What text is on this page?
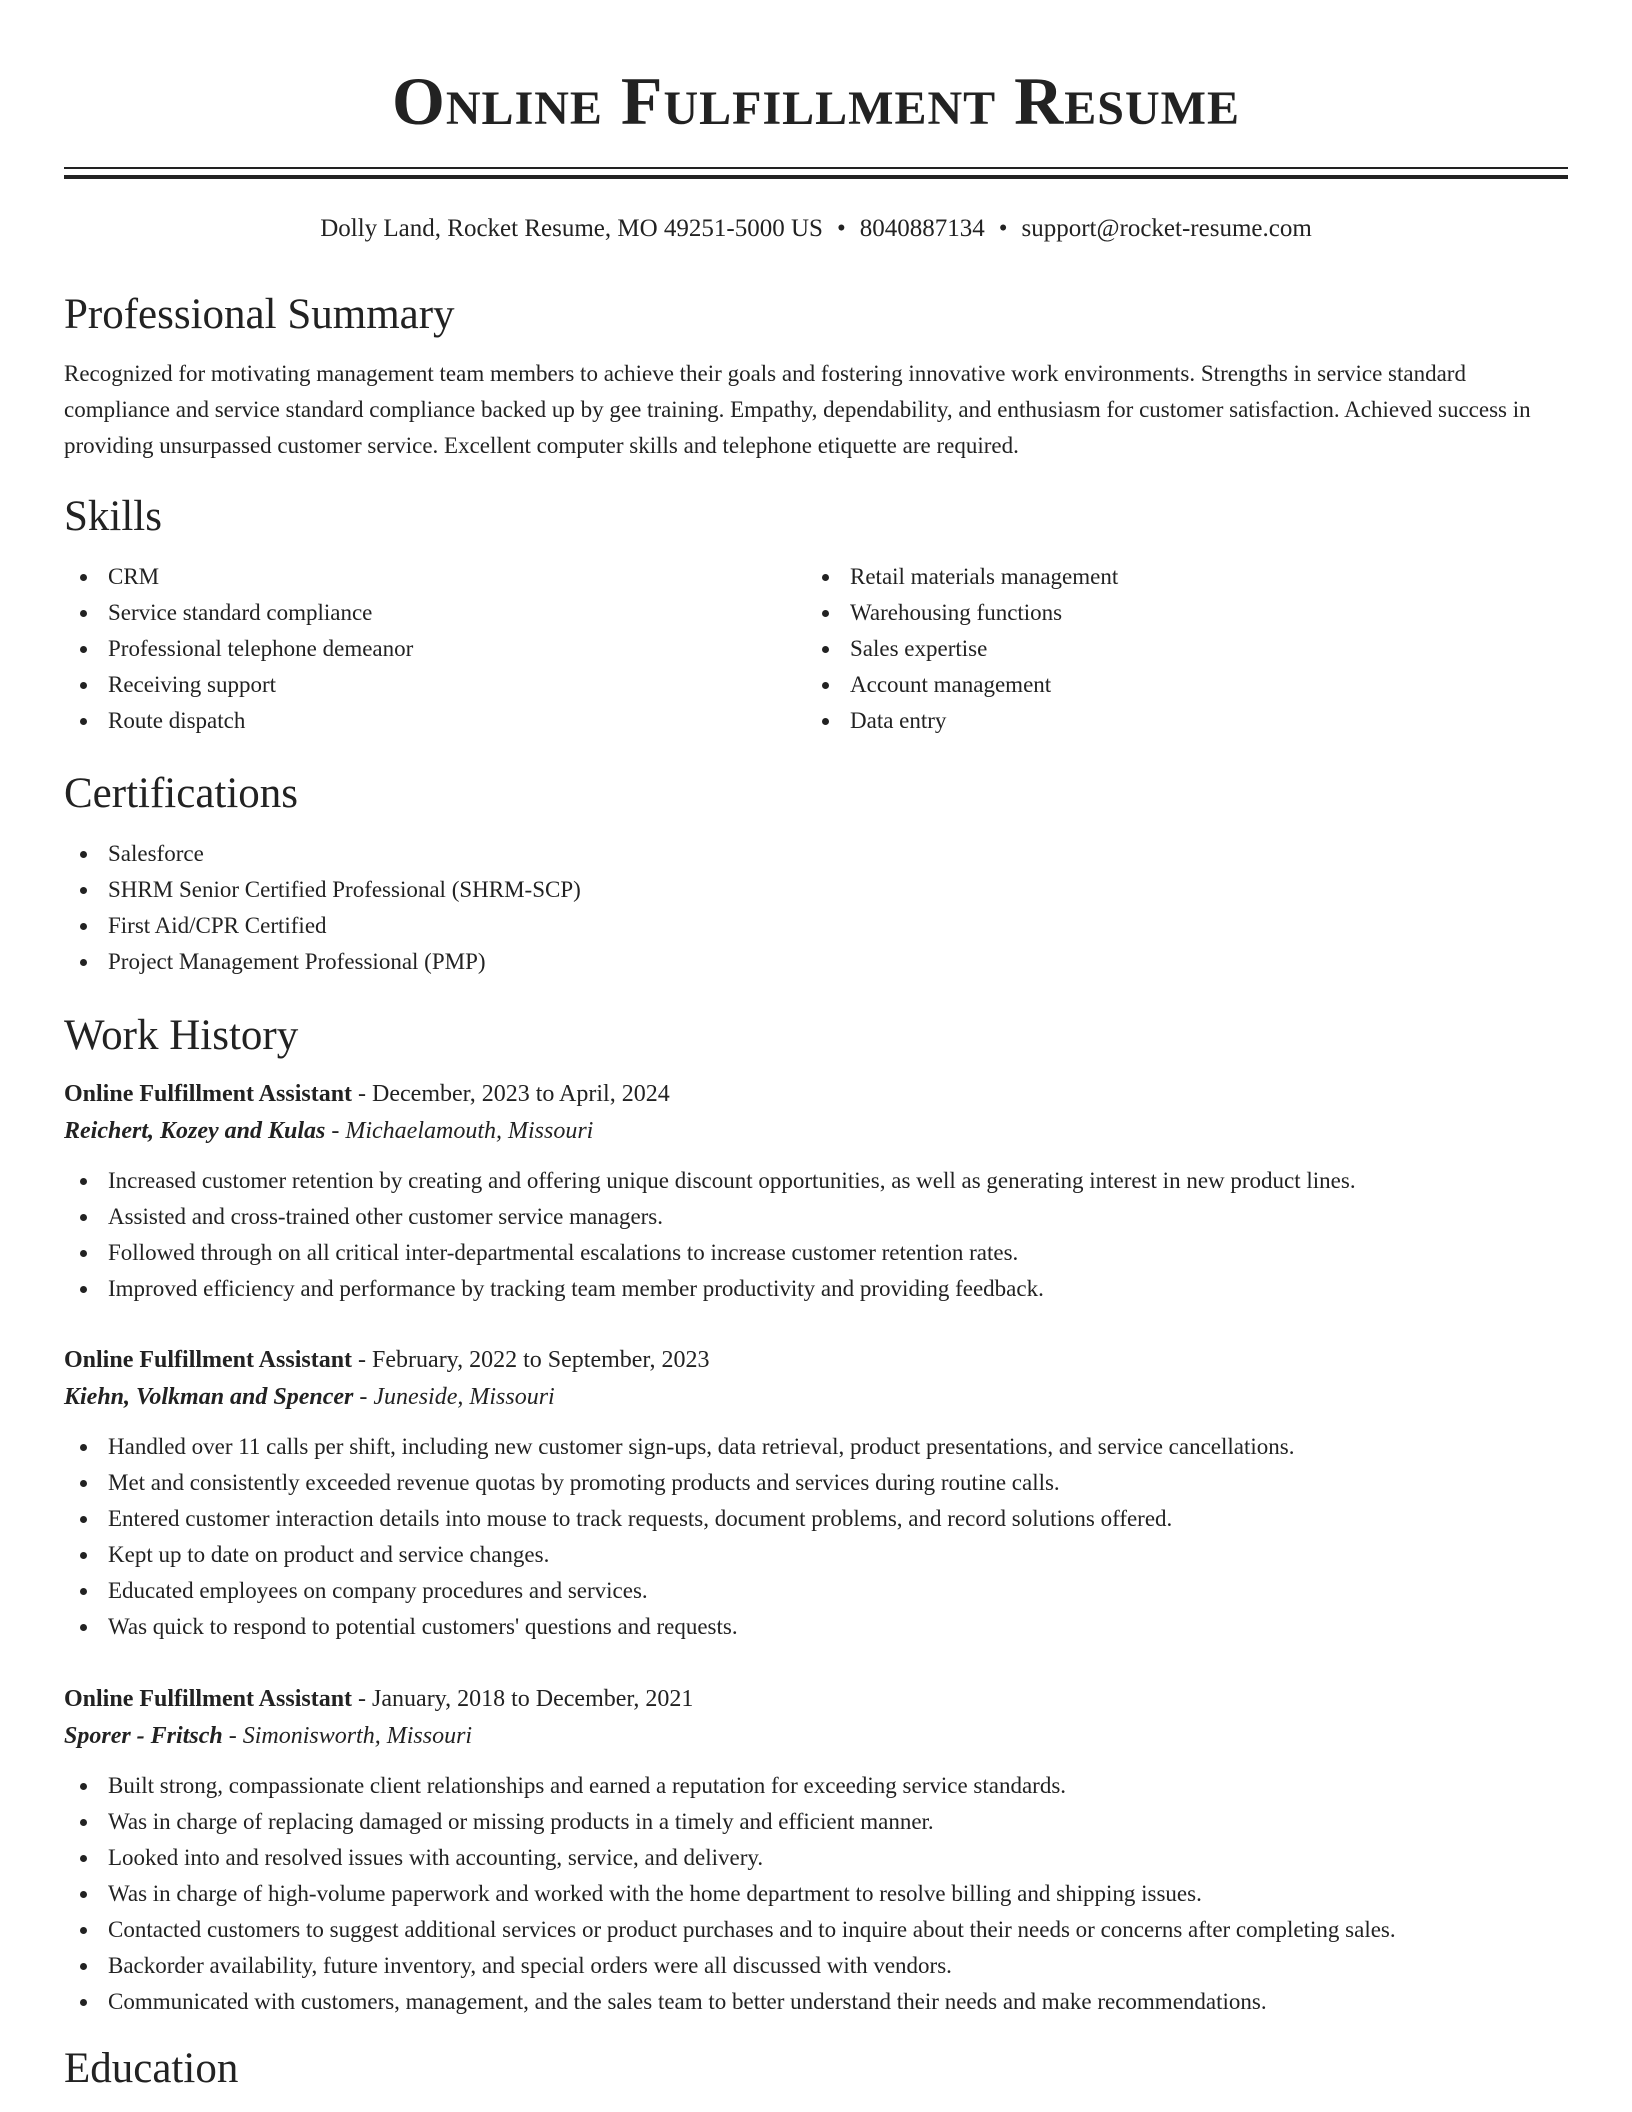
Online Fulfillment Resume
Dolly Land, Rocket Resume, MO 49251-5000 US • 8040887134 • support@rocket-resume.com
Professional Summary

Recognized for motivating management team members to achieve their goals and fostering innovative work environments. Strengths in service standard compliance and service standard compliance backed up by gee training. Empathy, dependability, and enthusiasm for customer satisfaction. Achieved success in providing unsurpassed customer service. Excellent computer skills and telephone etiquette are required.

Skills
CRM
Service standard compliance
Professional telephone demeanor
Receiving support
Route dispatch
Retail materials management
Warehousing functions
Sales expertise
Account management
Data entry
Certifications
Salesforce
SHRM Senior Certified Professional (SHRM-SCP)
First Aid/CPR Certified
Project Management Professional (PMP)
Work History
Online Fulfillment Assistant - December, 2023 to April, 2024
Reichert, Kozey and Kulas - Michaelamouth, Missouri
Increased customer retention by creating and offering unique discount opportunities, as well as generating interest in new product lines.
Assisted and cross-trained other customer service managers.
Followed through on all critical inter-departmental escalations to increase customer retention rates.
Improved efficiency and performance by tracking team member productivity and providing feedback.
Online Fulfillment Assistant - February, 2022 to September, 2023
Kiehn, Volkman and Spencer - Juneside, Missouri
Handled over 11 calls per shift, including new customer sign-ups, data retrieval, product presentations, and service cancellations.
Met and consistently exceeded revenue quotas by promoting products and services during routine calls.
Entered customer interaction details into mouse to track requests, document problems, and record solutions offered.
Kept up to date on product and service changes.
Educated employees on company procedures and services.
Was quick to respond to potential customers' questions and requests.
Online Fulfillment Assistant - January, 2018 to December, 2021
Sporer - Fritsch - Simonisworth, Missouri
Built strong, compassionate client relationships and earned a reputation for exceeding service standards.
Was in charge of replacing damaged or missing products in a timely and efficient manner.
Looked into and resolved issues with accounting, service, and delivery.
Was in charge of high-volume paperwork and worked with the home department to resolve billing and shipping issues.
Contacted customers to suggest additional services or product purchases and to inquire about their needs or concerns after completing sales.
Backorder availability, future inventory, and special orders were all discussed with vendors.
Communicated with customers, management, and the sales team to better understand their needs and make recommendations.
Education
